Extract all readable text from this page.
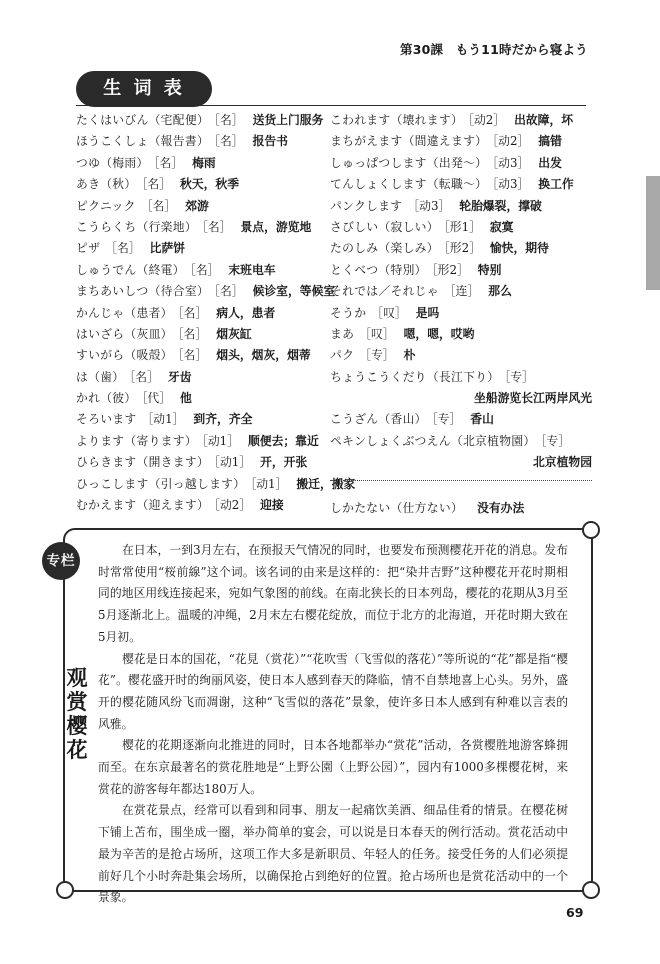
第30課 もう11時だから寝よう
生 词 表
たくはいびん（宅配便） ［名］ 送货上门服务
ほうこくしょ（報告書） ［名］ 报告书
つゆ（梅雨） ［名］ 梅雨
あき（秋） ［名］ 秋天，秋季
ピクニック ［名］ 郊游
こうらくち（行楽地） ［名］ 景点，游览地
ピザ ［名］ 比萨饼
しゅうでん（終電） ［名］ 末班电车
まちあいしつ（待合室） ［名］ 候诊室，等候室
かんじゃ（患者） ［名］ 病人，患者
はいざら（灰皿） ［名］ 烟灰缸
すいがら（吸殻） ［名］ 烟头，烟灰，烟蒂
は（歯） ［名］ 牙齿
かれ（彼） ［代］ 他
そろいます ［动1］ 到齐，齐全
よります（寄ります） ［动1］ 顺便去；靠近
ひらきます（開きます） ［动1］ 开，开张
ひっこします（引っ越します） ［动1］ 搬迁，搬家
むかえます（迎えます） ［动2］ 迎接
こわれます（壊れます） ［动2］ 出故障，坏
まちがえます（間違えます） ［动2］ 搞错
しゅっぱつします（出発～） ［动3］ 出发
てんしょくします（転職～） ［动3］ 换工作
パンクします ［动3］ 轮胎爆裂，撑破
さびしい（寂しい） ［形1］ 寂寞
たのしみ（楽しみ） ［形2］ 愉快，期待
とくべつ（特別） ［形2］ 特别
それでは／それじゃ ［连］ 那么
そうか ［叹］ 是吗
まあ ［叹］ 嗯，嗯，哎哟
パク ［专］ 朴
ちょうこうくだり（長江下り） ［专］
坐船游览长江两岸风光
こうざん（香山） ［专］ 香山
ペキンしょくぶつえん（北京植物園） ［专］
北京植物园
しかたない（仕方ない） 没有办法
专栏
观
赏
樱
花

在日本，一到3月左右，在预报天气情况的同时，也要发布预测樱花开花的消息。发布时常常使用“桜前線”这个词。该名词的由来是这样的：把“染井吉野”这种樱花开花时期相同的地区用线连接起来，宛如气象图的前线。在南北狭长的日本列岛，樱花的花期从3月至5月逐渐北上。温暖的冲绳，2月末左右樱花绽放，而位于北方的北海道，开花时期大致在5月初。

樱花是日本的国花，“花見（赏花）”“花吹雪（飞雪似的落花）”等所说的“花”都是指“樱花”。樱花盛开时的绚丽风姿，使日本人感到春天的降临，情不自禁地喜上心头。另外，盛开的樱花随风纷飞而凋谢，这种“飞雪似的落花”景象，使许多日本人感到有种难以言表的风雅。

樱花的花期逐渐向北推进的同时，日本各地都举办“赏花”活动，各赏樱胜地游客蜂拥而至。在东京最著名的赏花胜地是“上野公園（上野公园）”，园内有1000多棵樱花树，来赏花的游客每年都达180万人。

在赏花景点，经常可以看到和同事、朋友一起痛饮美酒、细品佳肴的情景。在樱花树下铺上苫布，围坐成一圈，举办简单的宴会，可以说是日本春天的例行活动。赏花活动中最为辛苦的是抢占场所，这项工作大多是新职员、年轻人的任务。接受任务的人们必须提前好几个小时奔赴集会场所，以确保抢占到绝好的位置。抢占场所也是赏花活动中的一个景象。

69
